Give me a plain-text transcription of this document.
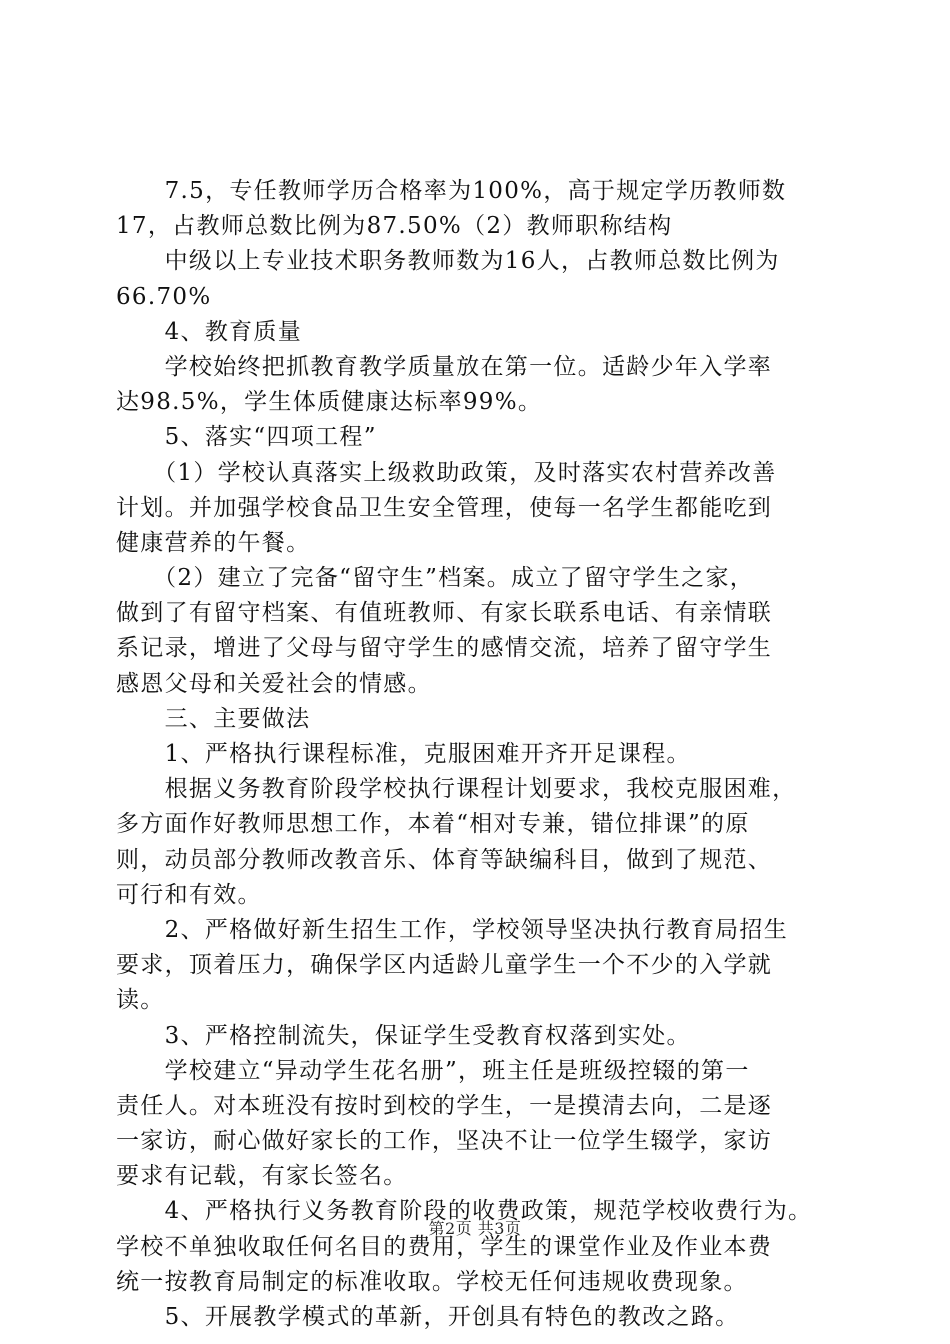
　　7.5，专任教师学历合格率为100%，高于规定学历教师数
17，占教师总数比例为87.50%（2）教师职称结构
　　中级以上专业技术职务教师数为16人，占教师总数比例为
66.70%
　　4、教育质量
　　学校始终把抓教育教学质量放在第一位。适龄少年入学率
达98.5%，学生体质健康达标率99%。
　　5、落实“四项工程”
　　（1）学校认真落实上级救助政策，及时落实农村营养改善
计划。并加强学校食品卫生安全管理，使每一名学生都能吃到
健康营养的午餐。
　　（2）建立了完备“留守生”档案。成立了留守学生之家，
做到了有留守档案、有值班教师、有家长联系电话、有亲情联
系记录，增进了父母与留守学生的感情交流，培养了留守学生
感恩父母和关爱社会的情感。
　　三、主要做法
　　1、严格执行课程标准，克服困难开齐开足课程。
　　根据义务教育阶段学校执行课程计划要求，我校克服困难，
多方面作好教师思想工作，本着“相对专兼，错位排课”的原
则，动员部分教师改教音乐、体育等缺编科目，做到了规范、
可行和有效。
　　2、严格做好新生招生工作，学校领导坚决执行教育局招生
要求，顶着压力，确保学区内适龄儿童学生一个不少的入学就
读。
　　3、严格控制流失，保证学生受教育权落到实处。
　　学校建立“异动学生花名册”，班主任是班级控辍的第一
责任人。对本班没有按时到校的学生，一是摸清去向，二是逐
一家访，耐心做好家长的工作，坚决不让一位学生辍学，家访
要求有记载，有家长签名。
　　4、严格执行义务教育阶段的收费政策，规范学校收费行为。
学校不单独收取任何名目的费用，学生的课堂作业及作业本费
统一按教育局制定的标准收取。学校无任何违规收费现象。
　　5、开展教学模式的革新，开创具有特色的教改之路。
第2页 共3页
